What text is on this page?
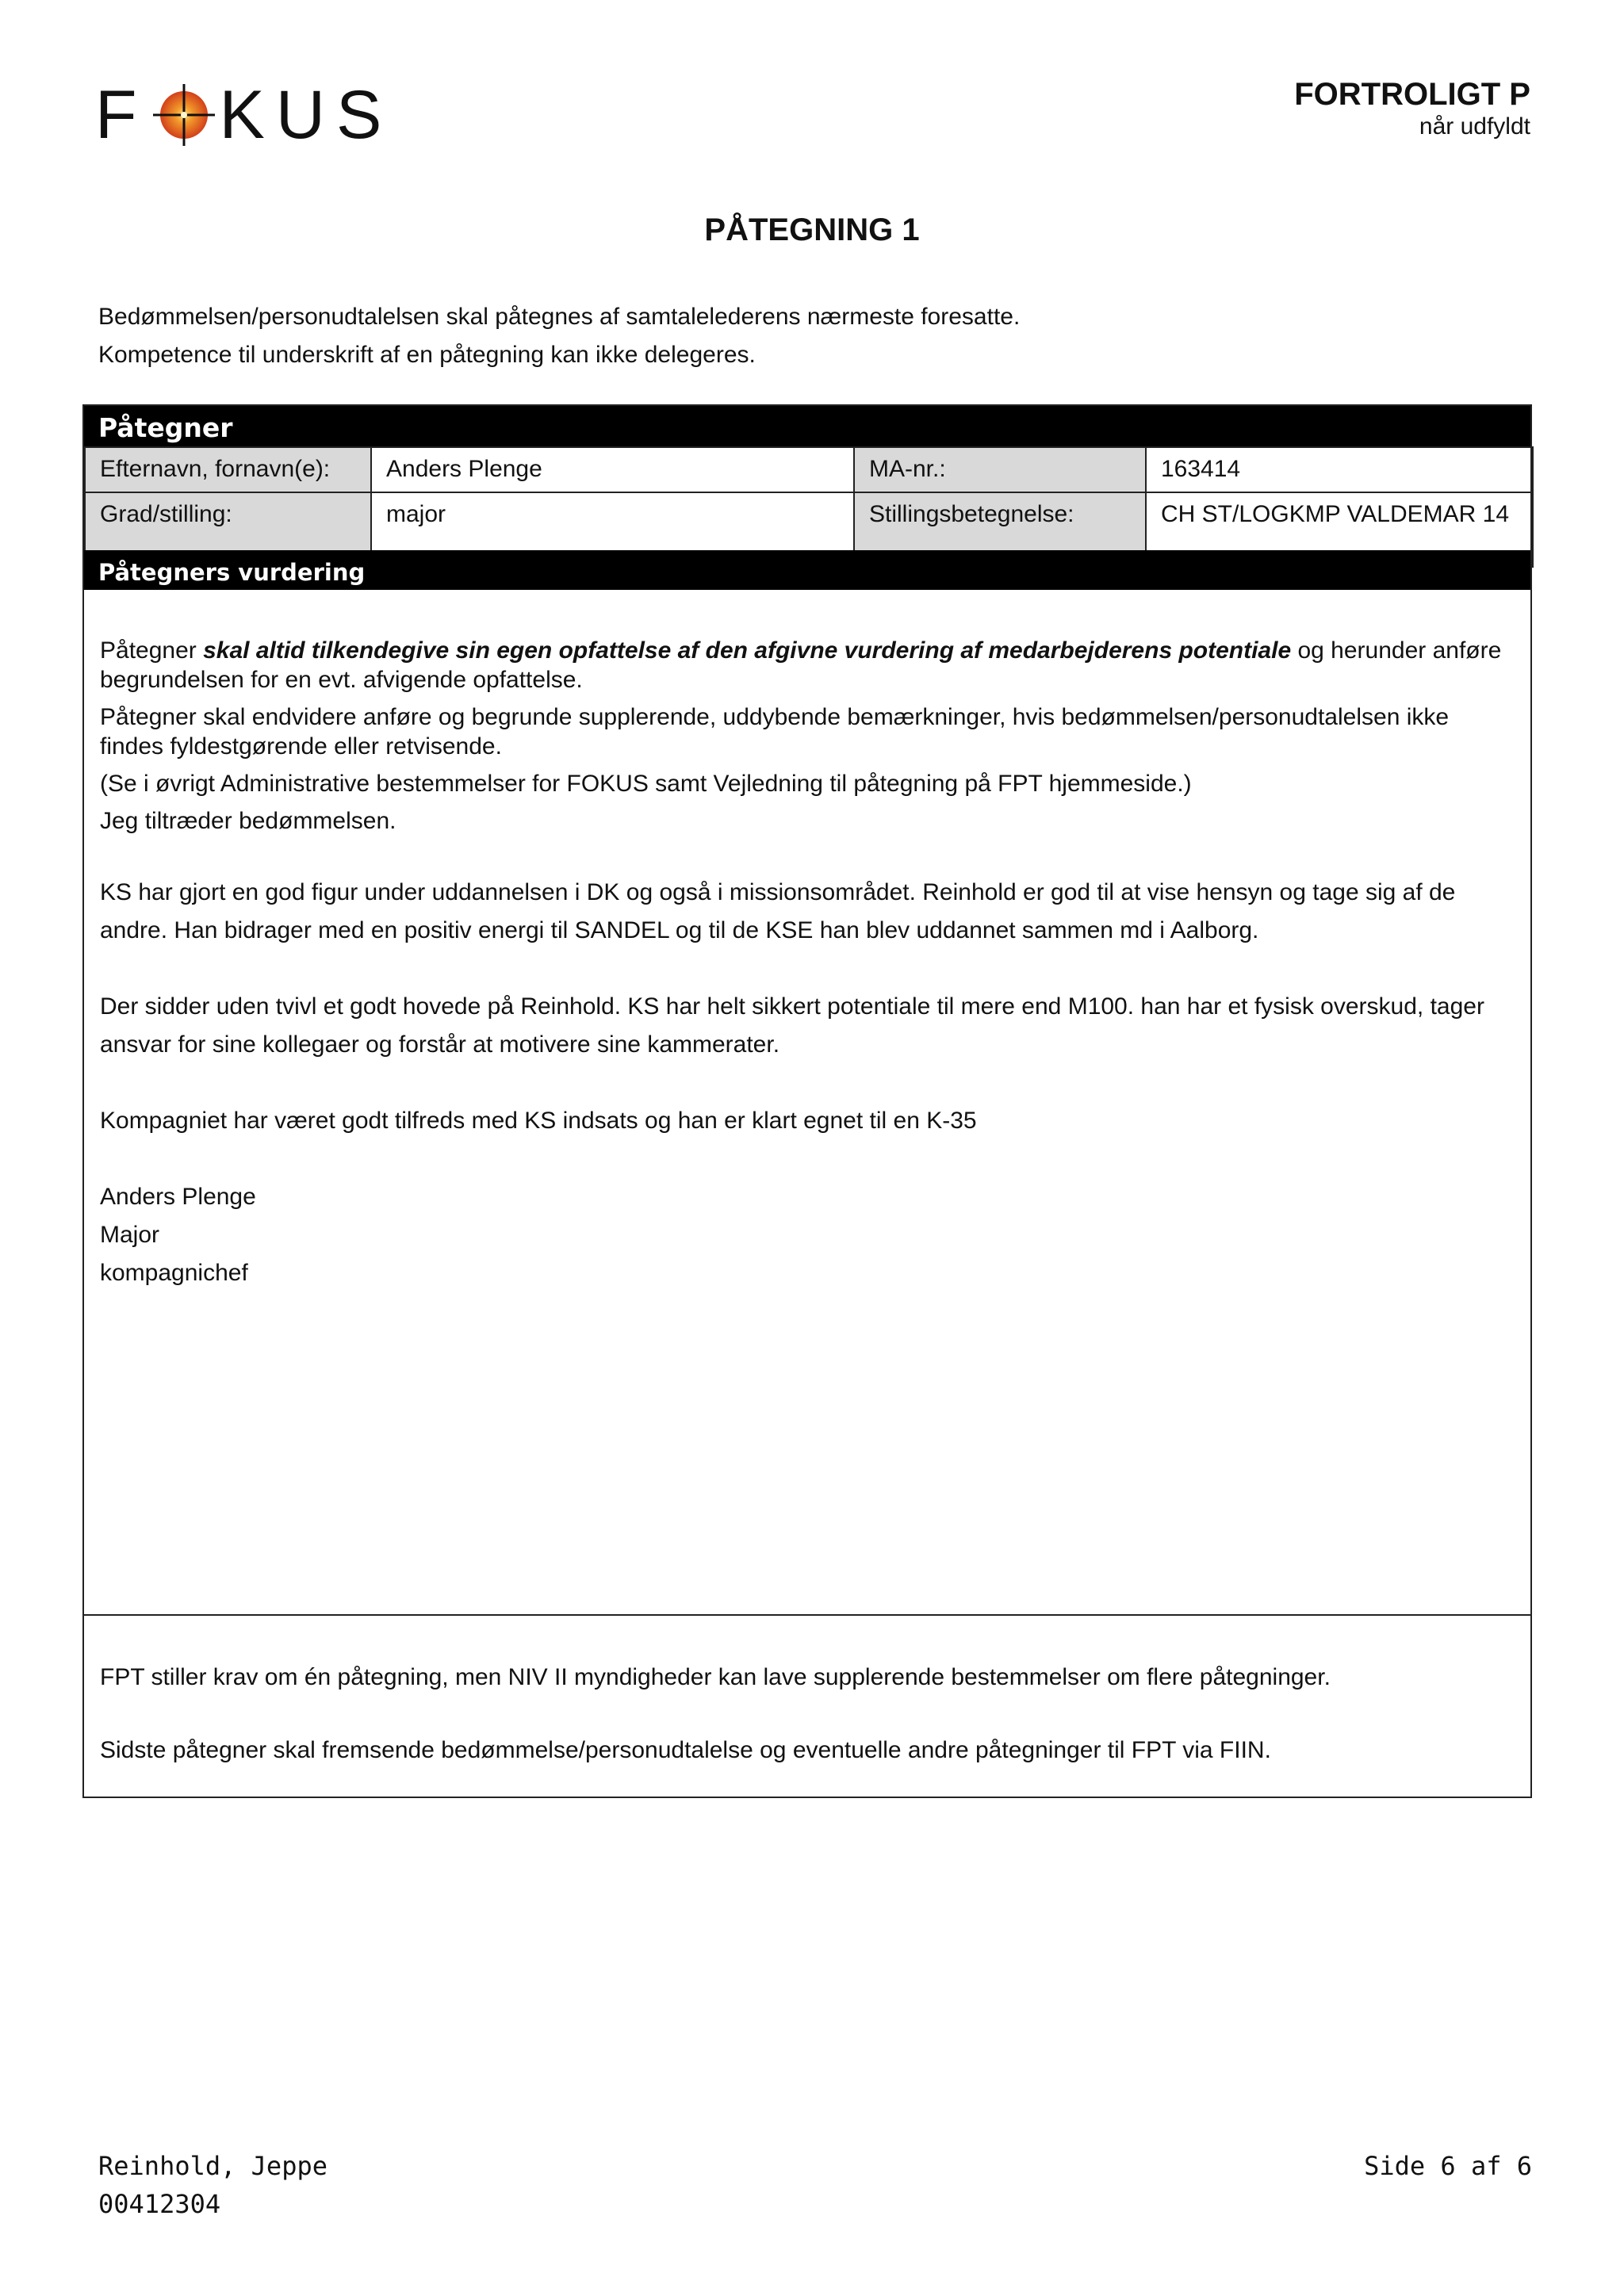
F KUS	FORTROLIGT P
når udfyldt
PÅTEGNING 1
Bedømmelsen/personudtalelsen skal påtegnes af samtalelederens nærmeste foresatte.
Kompetence til underskrift af en påtegning kan ikke delegeres.
Påtegner
Efternavn, fornavn(e):	Anders Plenge	MA-nr.:	163414
Grad/stilling:	major	Stillingsbetegnelse:	CH ST/LOGKMP VALDEMAR 14
Påtegners vurdering

Påtegner skal altid tilkendegive sin egen opfattelse af den afgivne vurdering af medarbejderens potentiale og herunder anføre begrundelsen for en evt. afvigende opfattelse.

Påtegner skal endvidere anføre og begrunde supplerende, uddybende bemærkninger, hvis bedømmelsen/personudtalelsen ikke findes fyldestgørende eller retvisende.

(Se i øvrigt Administrative bestemmelser for FOKUS samt Vejledning til påtegning på FPT hjemmeside.)

Jeg tiltræder bedømmelsen.

KS har gjort en god figur under uddannelsen i DK og også i missionsområdet. Reinhold er god til at vise hensyn og tage sig af de andre. Han bidrager med en positiv energi til SANDEL og til de KSE han blev uddannet sammen md i Aalborg.

Der sidder uden tvivl et godt hovede på Reinhold. KS har helt sikkert potentiale til mere end M100. han har et fysisk overskud, tager ansvar for sine kollegaer og forstår at motivere sine kammerater.

Kompagniet har været godt tilfreds med KS indsats og han er klart egnet til en K-35

Anders Plenge

Major

kompagnichef

FPT stiller krav om én påtegning, men NIV II myndigheder kan lave supplerende bestemmelser om flere påtegninger.

Sidste påtegner skal fremsende bedømmelse/personudtalelse og eventuelle andre påtegninger til FPT via FIIN.

Reinhold, Jeppe
00412304
Side 6 af 6
